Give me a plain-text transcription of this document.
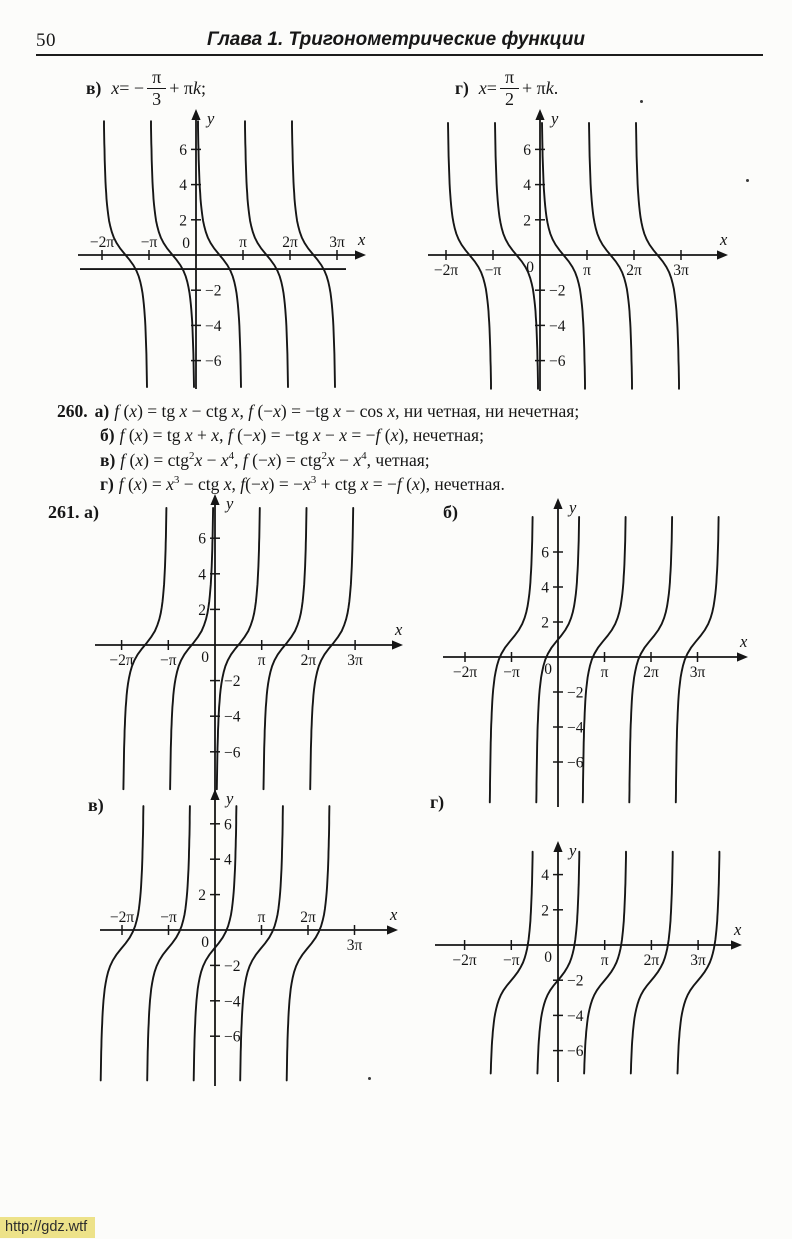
50	Глава 1. Тригонометрические функции
в) x = − $\frac{\pi}{3} + \pi$ k ;	г) $x = \frac{\pi}{2} + \pi$ k .
260. а) f (x) = tg x − ctg x, f (−x) = −tg x − cos x, ни четная, ни нечетная;
б) f (x) = tg x + x, f (−x) = −tg x − x = −f (x), нечетная;
в) f $(x) = ctg^2x - x^4$, f $(-x) = ctg^2x - x^4$, четная;
г) f $(x) = x^3$ − ctg x, $f(-x) = -x^3$ + ctg x = −f (x), нечетная.
261. а)	б)
в)	г)
x
y
−2π −π	π 2π 3π
6
4
2
−2
−4
−6
0	x
y
−2π −π	π 2π 3π
6
4
2
−2
−4
−6
0
x
y
−2π −π	π 2π 3π
6
4
2
−2
−4
−6
0
x
y
−2π −π	π 2π 3π
6
4
2
−2
−4
−6
0
x
y
−2π −π	π 2π
3π
6
4
2
−2
−4
−6
0
x
y
−2π −π	π 2π 3π
4
2
−2
−4
−6
0
http://gdz.wtf
